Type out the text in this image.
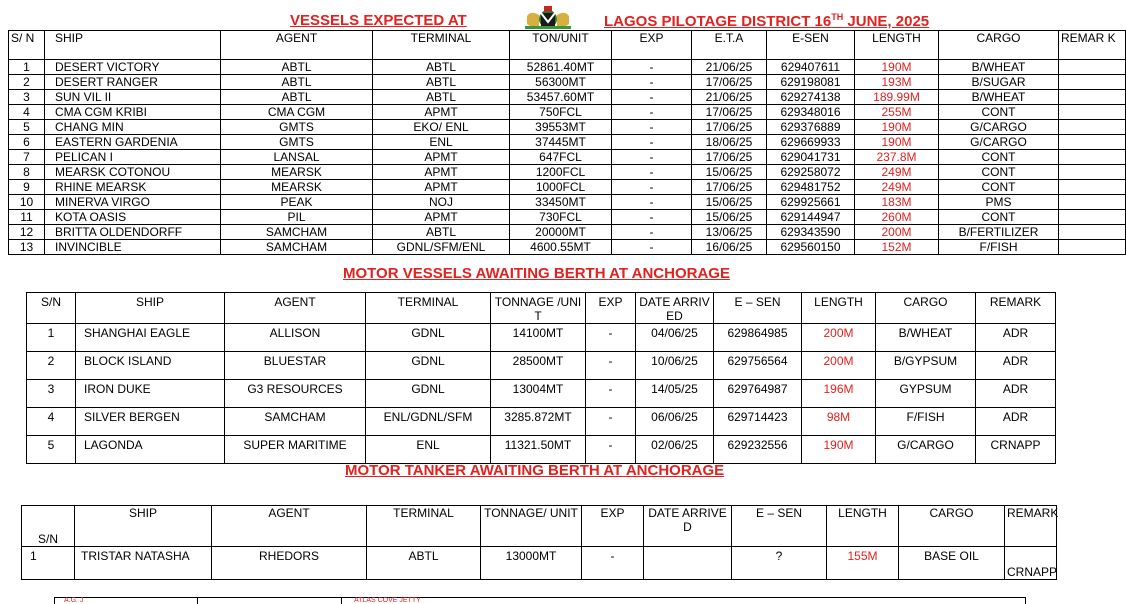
VESSELS EXPECTED AT	LAGOS PILOTAGE DISTRICT 16TH JUNE, 2025
S/ N	SHIP	AGENT	TERMINAL	TON/UNIT	EXP	E.T.A	E-SEN	LENGTH	CARGO	REMAR K
1	DESERT VICTORY	ABTL	ABTL	52861.40MT	-	21/06/25	629407611	190M	B/WHEAT	
2	DESERT RANGER	ABTL	ABTL	56300MT	-	17/06/25	629198081	193M	B/SUGAR	
3	SUN VIL II	ABTL	ABTL	53457.60MT	-	21/06/25	629274138	189.99M	B/WHEAT	
4	CMA CGM KRIBI	CMA CGM	APMT	750FCL	-	17/06/25	629348016	255M	CONT	
5	CHANG MIN	GMTS	EKO/ ENL	39553MT	-	17/06/25	629376889	190M	G/CARGO	
6	EASTERN GARDENIA	GMTS	ENL	37445MT	-	18/06/25	629669933	190M	G/CARGO	
7	PELICAN I	LANSAL	APMT	647FCL	-	17/06/25	629041731	237.8M	CONT	
8	MEARSK COTONOU	MEARSK	APMT	1200FCL	-	15/06/25	629258072	249M	CONT	
9	RHINE MEARSK	MEARSK	APMT	1000FCL	-	17/06/25	629481752	249M	CONT	
10	MINERVA VIRGO	PEAK	NOJ	33450MT	-	15/06/25	629925661	183M	PMS	
11	KOTA OASIS	PIL	APMT	730FCL	-	15/06/25	629144947	260M	CONT	
12	BRITTA OLDENDORFF	SAMCHAM	ABTL	20000MT	-	13/06/25	629343590	200M	B/FERTILIZER	
13	INVINCIBLE	SAMCHAM	GDNL/SFM/ENL	4600.55MT	-	16/06/25	629560150	152M	F/FISH	
MOTOR VESSELS AWAITING BERTH AT ANCHORAGE
S/N	SHIP	AGENT	TERMINAL	TONNAGE /UNIT	EXP	DATE ARRIVED	E – SEN	LENGTH	CARGO	REMARK
1	SHANGHAI EAGLE	ALLISON	GDNL	14100MT	-	04/06/25	629864985	200M	B/WHEAT	ADR
2	BLOCK ISLAND	BLUESTAR	GDNL	28500MT	-	10/06/25	629756564	200M	B/GYPSUM	ADR
3	IRON DUKE	G3 RESOURCES	GDNL	13004MT	-	14/05/25	629764987	196M	GYPSUM	ADR
4	SILVER BERGEN	SAMCHAM	ENL/GDNL/SFM	3285.872MT	-	06/06/25	629714423	98M	F/FISH	ADR
5	LAGONDA	SUPER MARITIME	ENL	11321.50MT	-	02/06/25	629232556	190M	G/CARGO	CRNAPP
MOTOR TANKER AWAITING BERTH AT ANCHORAGE
S/N	SHIP	AGENT	TERMINAL	TONNAGE/ UNIT	EXP	DATE ARRIVED	E – SEN	LENGTH	CARGO	REMARK
1	TRISTAR NATASHA	RHEDORS	ABTL	13000MT	-		?	155M	BASE OIL	CRNAPP
A.G. J	ATLAS COVE JETTY
